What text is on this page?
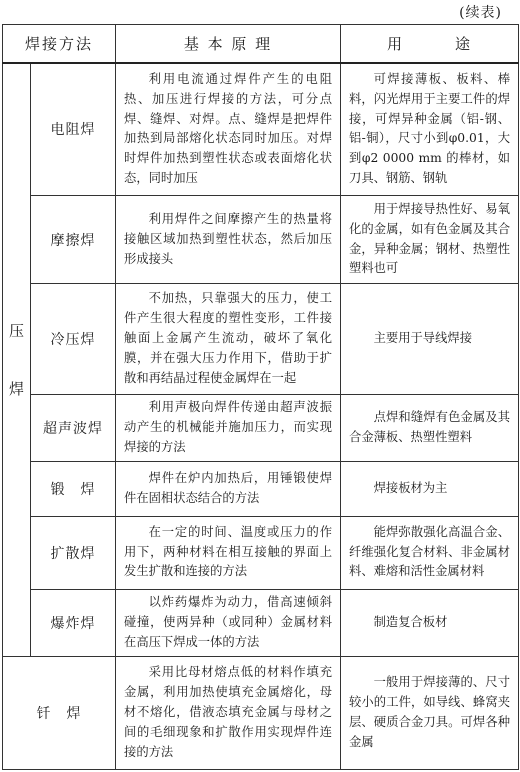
(续表)
焊接方法		基 本 原 理	用　　　途

压
焊	电阻焊	利用电流通过焊件产生的电阻热、加压进行焊接的方法，可分点焊、缝焊、对焊。点、缝焊是把焊件加热到局部熔化状态同时加压。对焊时焊件加热到塑性状态或表面熔化状态，同时加压	可焊接薄板、板料、棒料，闪光焊用于主要工件的焊接，可焊异种金属（铝-钢、铝-铜），尺寸小到φ0.01，大到φ2 0000 mm 的棒材，如刀具、钢筋、钢轨

	摩擦焊	利用焊件之间摩擦产生的热量将接触区域加热到塑性状态，然后加压形成接头	用于焊接导热性好、易氧化的金属，如有色金属及其合金，异种金属；钢材、热塑性塑料也可

	冷压焊	不加热，只靠强大的压力，使工件产生很大程度的塑性变形，工件接触面上金属产生流动，破坏了氧化膜，并在强大压力作用下，借助于扩散和再结晶过程使金属焊在一起	主要用于导线焊接

	超声波焊	利用声极向焊件传递由超声波振动产生的机械能并施加压力，而实现焊接的方法	点焊和缝焊有色金属及其合金薄板、热塑性塑料

	锻　焊	焊件在炉内加热后，用锤锻使焊件在固相状态结合的方法	焊接板材为主

	扩散焊	在一定的时间、温度或压力的作用下，两种材料在相互接触的界面上发生扩散和连接的方法	能焊弥散强化高温合金、纤维强化复合材料、非金属材料、难熔和活性金属材料

	爆炸焊	以炸药爆炸为动力，借高速倾斜碰撞，使两异种（或同种）金属材料在高压下焊成一体的方法	制造复合板材

钎　焊		采用比母材熔点低的材料作填充金属，利用加热使填充金属熔化，母材不熔化，借液态填充金属与母材之间的毛细现象和扩散作用实现焊件连接的方法	一般用于焊接薄的、尺寸较小的工件，如导线、蜂窝夹层、硬质合金刀具。可焊各种金属
